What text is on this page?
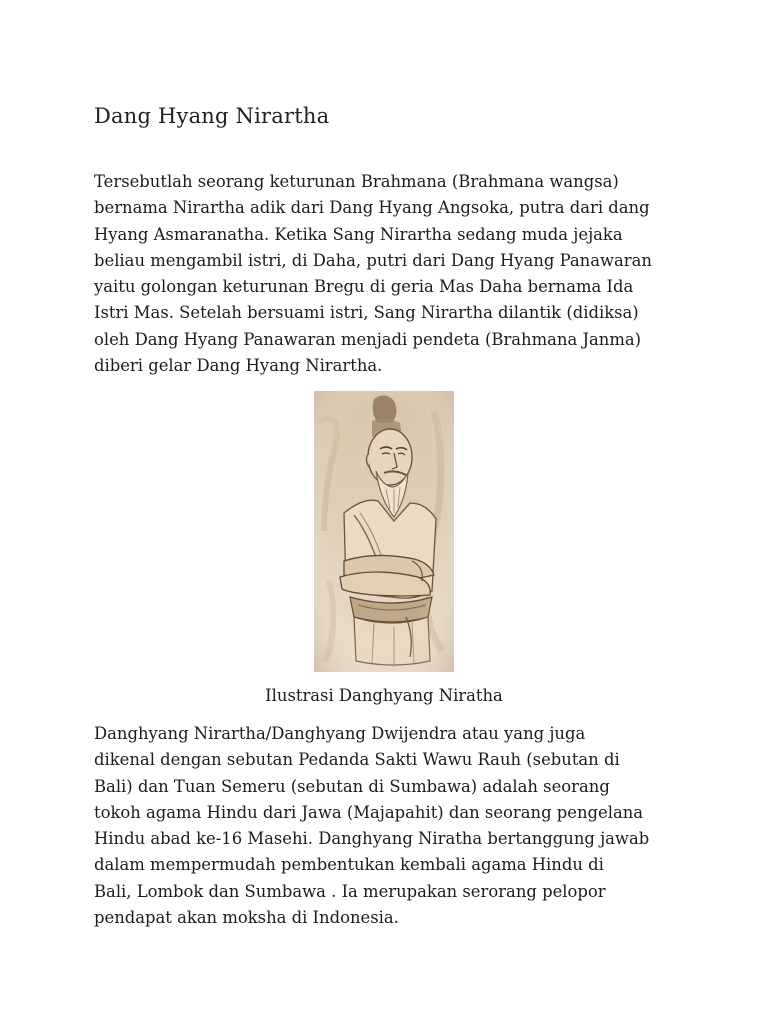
Dang Hyang Nirartha

Tersebutlah seorang keturunan Brahmana (Brahmana wangsa)
bernama Nirartha adik dari Dang Hyang Angsoka, putra dari dang
Hyang Asmaranatha. Ketika Sang Nirartha sedang muda jejaka
beliau mengambil istri, di Daha, putri dari Dang Hyang Panawaran
yaitu golongan keturunan Bregu di geria Mas Daha bernama Ida
Istri Mas. Setelah bersuami istri, Sang Nirartha dilantik (didiksa)
oleh Dang Hyang Panawaran menjadi pendeta (Brahmana Janma)
diberi gelar Dang Hyang Nirartha.

Ilustrasi Danghyang Niratha

Danghyang Nirartha/Danghyang Dwijendra atau yang juga
dikenal dengan sebutan Pedanda Sakti Wawu Rauh (sebutan di
Bali) dan Tuan Semeru (sebutan di Sumbawa) adalah seorang
tokoh agama Hindu dari Jawa (Majapahit) dan seorang pengelana
Hindu abad ke-16 Masehi. Danghyang Niratha bertanggung jawab
dalam mempermudah pembentukan kembali agama Hindu di
Bali, Lombok dan Sumbawa . Ia merupakan serorang pelopor
pendapat akan moksha di Indonesia.
